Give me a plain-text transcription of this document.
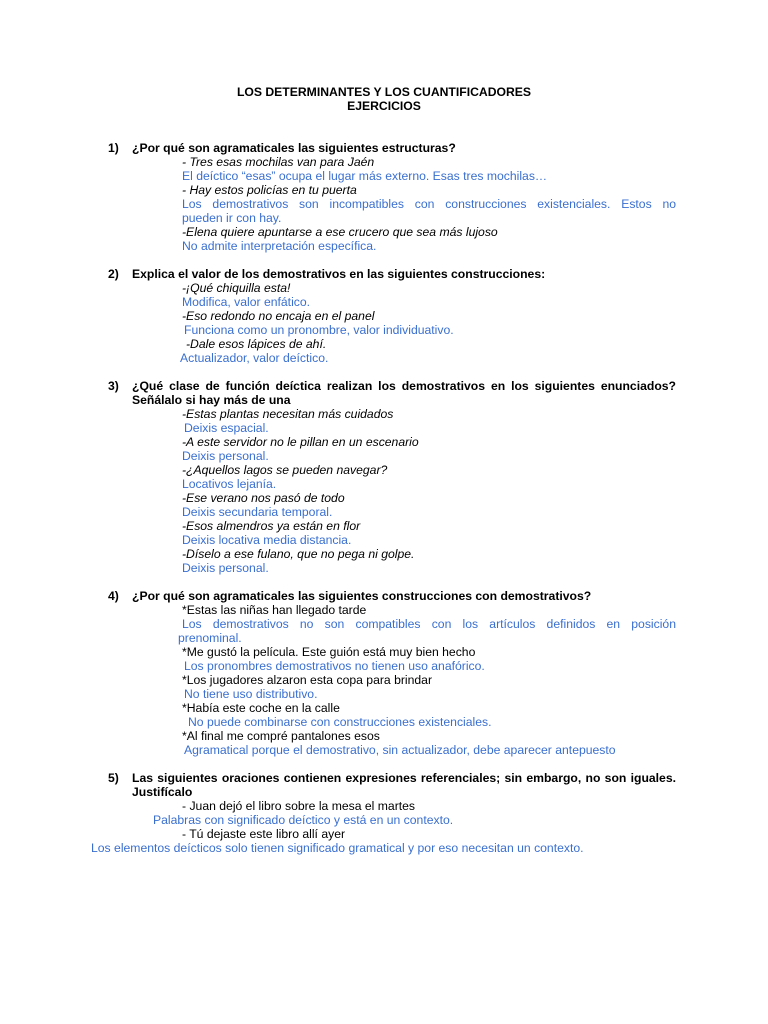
LOS DETERMINANTES Y LOS CUANTIFICADORES
EJERCICIOS
1) ¿Por qué son agramaticales las siguientes estructuras?
- Tres esas mochilas van para Jaén
El deíctico “esas” ocupa el lugar más externo. Esas tres mochilas…
- Hay estos policías en tu puerta
Los demostrativos son incompatibles con construcciones existenciales. Estos no
pueden ir con hay.
-Elena quiere apuntarse a ese crucero que sea más lujoso
No admite interpretación específica.
2) Explica el valor de los demostrativos en las siguientes construcciones:
-¡Qué chiquilla esta!
Modifica, valor enfático.
-Eso redondo no encaja en el panel
Funciona como un pronombre, valor individuativo.
-Dale esos lápices de ahí.
Actualizador, valor deíctico.
3) ¿Qué clase de función deíctica realizan los demostrativos en los siguientes enunciados? Señálalo si hay más de una
-Estas plantas necesitan más cuidados
Deixis espacial.
-A este servidor no le pillan en un escenario
Deixis personal.
-¿Aquellos lagos se pueden navegar?
Locativos lejanía.
-Ese verano nos pasó de todo
Deixis secundaria temporal.
-Esos almendros ya están en flor
Deixis locativa media distancia.
-Díselo a ese fulano, que no pega ni golpe.
Deixis personal.
4) ¿Por qué son agramaticales las siguientes construcciones con demostrativos?
*Estas las niñas han llegado tarde
Los demostrativos no son compatibles con los artículos definidos en posición
prenominal.
*Me gustó la película. Este guión está muy bien hecho
Los pronombres demostrativos no tienen uso anafórico.
*Los jugadores alzaron esta copa para brindar
No tiene uso distributivo.
*Había este coche en la calle
No puede combinarse con construcciones existenciales.
*Al final me compré pantalones esos
Agramatical porque el demostrativo, sin actualizador, debe aparecer antepuesto
5) Las siguientes oraciones contienen expresiones referenciales; sin embargo, no son iguales. Justifícalo
- Juan dejó el libro sobre la mesa el martes
Palabras con significado deíctico y está en un contexto.
- Tú dejaste este libro allí ayer
Los elementos deícticos solo tienen significado gramatical y por eso necesitan un contexto.
